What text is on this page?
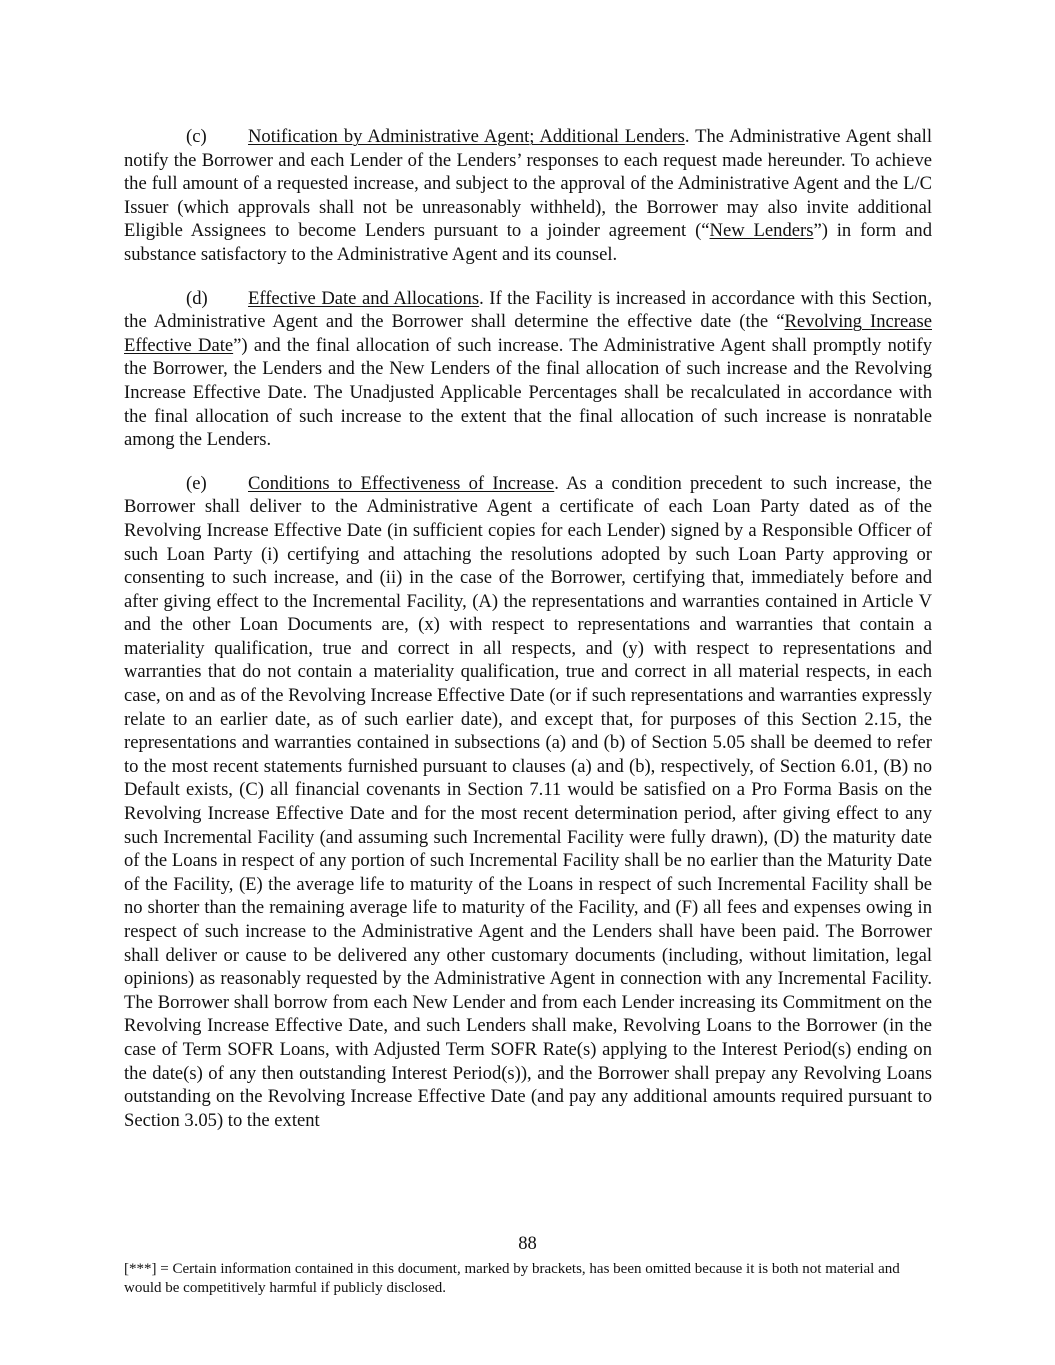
(c) Notification by Administrative Agent; Additional Lenders. The Administrative Agent shall notify the Borrower and each Lender of the Lenders’ responses to each request made hereunder. To achieve the full amount of a requested increase, and subject to the approval of the Administrative Agent and the L/C Issuer (which approvals shall not be unreasonably withheld), the Borrower may also invite additional Eligible Assignees to become Lenders pursuant to a joinder agreement (“New Lenders”) in form and substance satisfactory to the Administrative Agent and its counsel.

(d) Effective Date and Allocations. If the Facility is increased in accordance with this Section, the Administrative Agent and the Borrower shall determine the effective date (the “Revolving Increase Effective Date”) and the final allocation of such increase. The Administrative Agent shall promptly notify the Borrower, the Lenders and the New Lenders of the final allocation of such increase and the Revolving Increase Effective Date. The Unadjusted Applicable Percentages shall be recalculated in accordance with the final allocation of such increase to the extent that the final allocation of such increase is nonratable among the Lenders.

(e) Conditions to Effectiveness of Increase. As a condition precedent to such increase, the Borrower shall deliver to the Administrative Agent a certificate of each Loan Party dated as of the Revolving Increase Effective Date (in sufficient copies for each Lender) signed by a Responsible Officer of such Loan Party (i) certifying and attaching the resolutions adopted by such Loan Party approving or consenting to such increase, and (ii) in the case of the Borrower, certifying that, immediately before and after giving effect to the Incremental Facility, (A) the representations and warranties contained in Article V and the other Loan Documents are, (x) with respect to representations and warranties that contain a materiality qualification, true and correct in all respects, and (y) with respect to representations and warranties that do not contain a materiality qualification, true and correct in all material respects, in each case, on and as of the Revolving Increase Effective Date (or if such representations and warranties expressly relate to an earlier date, as of such earlier date), and except that, for purposes of this Section 2.15, the representations and warranties contained in subsections (a) and (b) of Section 5.05 shall be deemed to refer to the most recent statements furnished pursuant to clauses (a) and (b), respectively, of Section 6.01, (B) no Default exists, (C) all financial covenants in Section 7.11 would be satisfied on a Pro Forma Basis on the Revolving Increase Effective Date and for the most recent determination period, after giving effect to any such Incremental Facility (and assuming such Incremental Facility were fully drawn), (D) the maturity date of the Loans in respect of any portion of such Incremental Facility shall be no earlier than the Maturity Date of the Facility, (E) the average life to maturity of the Loans in respect of such Incremental Facility shall be no shorter than the remaining average life to maturity of the Facility, and (F) all fees and expenses owing in respect of such increase to the Administrative Agent and the Lenders shall have been paid. The Borrower shall deliver or cause to be delivered any other customary documents (including, without limitation, legal opinions) as reasonably requested by the Administrative Agent in connection with any Incremental Facility. The Borrower shall borrow from each New Lender and from each Lender increasing its Commitment on the Revolving Increase Effective Date, and such Lenders shall make, Revolving Loans to the Borrower (in the case of Term SOFR Loans, with Adjusted Term SOFR Rate(s) applying to the Interest Period(s) ending on the date(s) of any then outstanding Interest Period(s)), and the Borrower shall prepay any Revolving Loans outstanding on the Revolving Increase Effective Date (and pay any additional amounts required pursuant to Section 3.05) to the extent

88
[***] = Certain information contained in this document, marked by brackets, has been omitted because it is both not material and would be competitively harmful if publicly disclosed.
